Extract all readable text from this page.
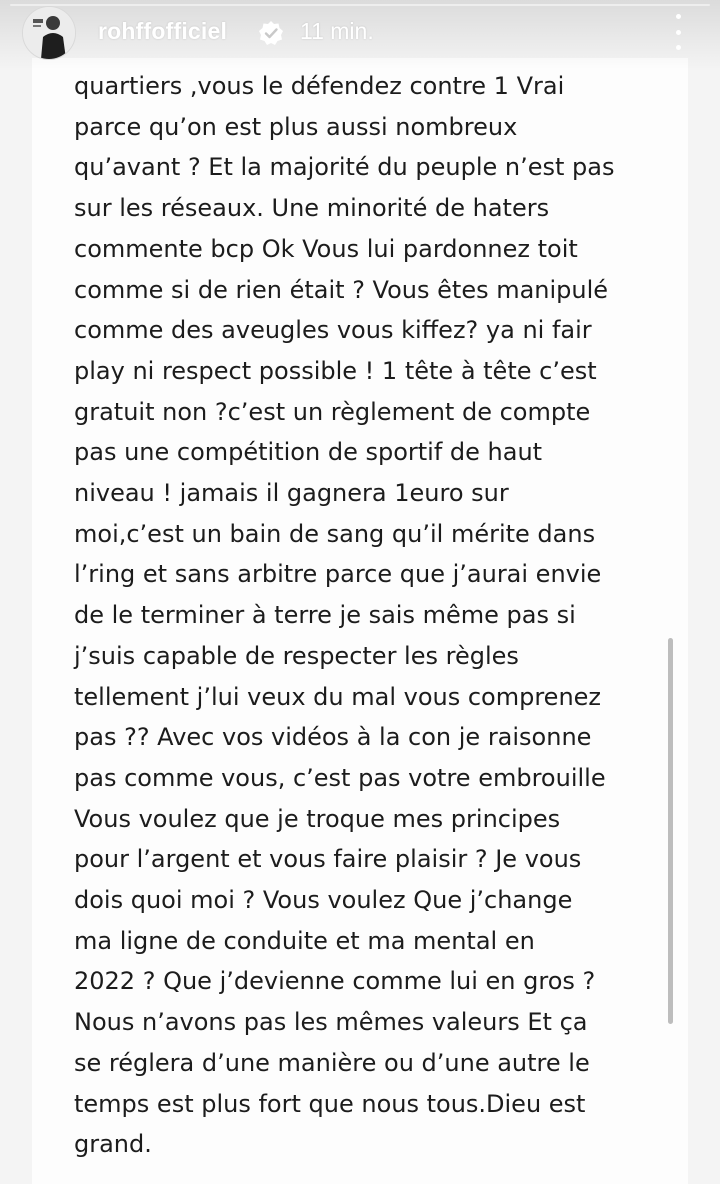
rohffofficiel	11 min.

quartiers ,vous le défendez contre 1 Vrai
parce qu’on est plus aussi nombreux
qu’avant ? Et la majorité du peuple n’est pas
sur les réseaux. Une minorité de haters
commente bcp Ok Vous lui pardonnez toit
comme si de rien était ? Vous êtes manipulé
comme des aveugles vous kiffez? ya ni fair
play ni respect possible ! 1 tête à tête c’est
gratuit non ?c’est un règlement de compte
pas une compétition de sportif de haut
niveau ! jamais il gagnera 1euro sur
moi,c’est un bain de sang qu’il mérite dans
l’ring et sans arbitre parce que j’aurai envie
de le terminer à terre je sais même pas si
j’suis capable de respecter les règles
tellement j’lui veux du mal vous comprenez
pas ?? Avec vos vidéos à la con je raisonne
pas comme vous, c’est pas votre embrouille
Vous voulez que je troque mes principes
pour l’argent et vous faire plaisir ? Je vous
dois quoi moi ? Vous voulez Que j’change
ma ligne de conduite et ma mental en
2022 ? Que j’devienne comme lui en gros ?
Nous n’avons pas les mêmes valeurs Et ça
se réglera d’une manière ou d’une autre le
temps est plus fort que nous tous.Dieu est
grand.
